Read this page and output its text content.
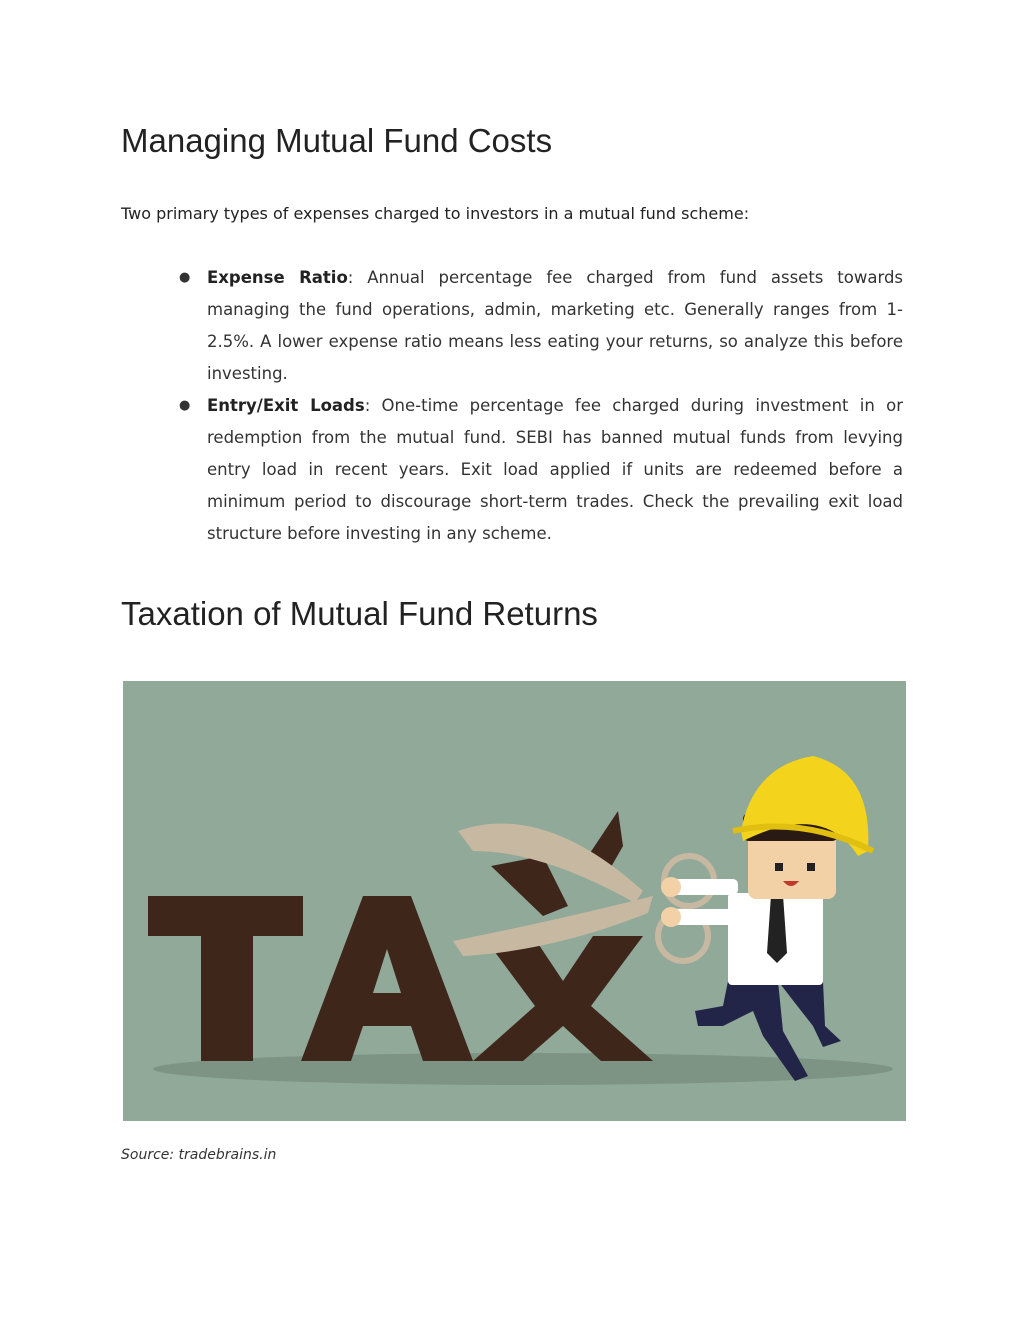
Managing Mutual Fund Costs

Two primary types of expenses charged to investors in a mutual fund scheme:

● Expense Ratio: Annual percentage fee charged from fund assets towards managing the fund operations, admin, marketing etc. Generally ranges from 1-2.5%. A lower expense ratio means less eating your returns, so analyze this before investing.
● Entry/Exit Loads: One-time percentage fee charged during investment in or redemption from the mutual fund. SEBI has banned mutual funds from levying entry load in recent years. Exit load applied if units are redeemed before a minimum period to discourage short-term trades. Check the prevailing exit load structure before investing in any scheme.
Taxation of Mutual Fund Returns

Source: tradebrains.in
